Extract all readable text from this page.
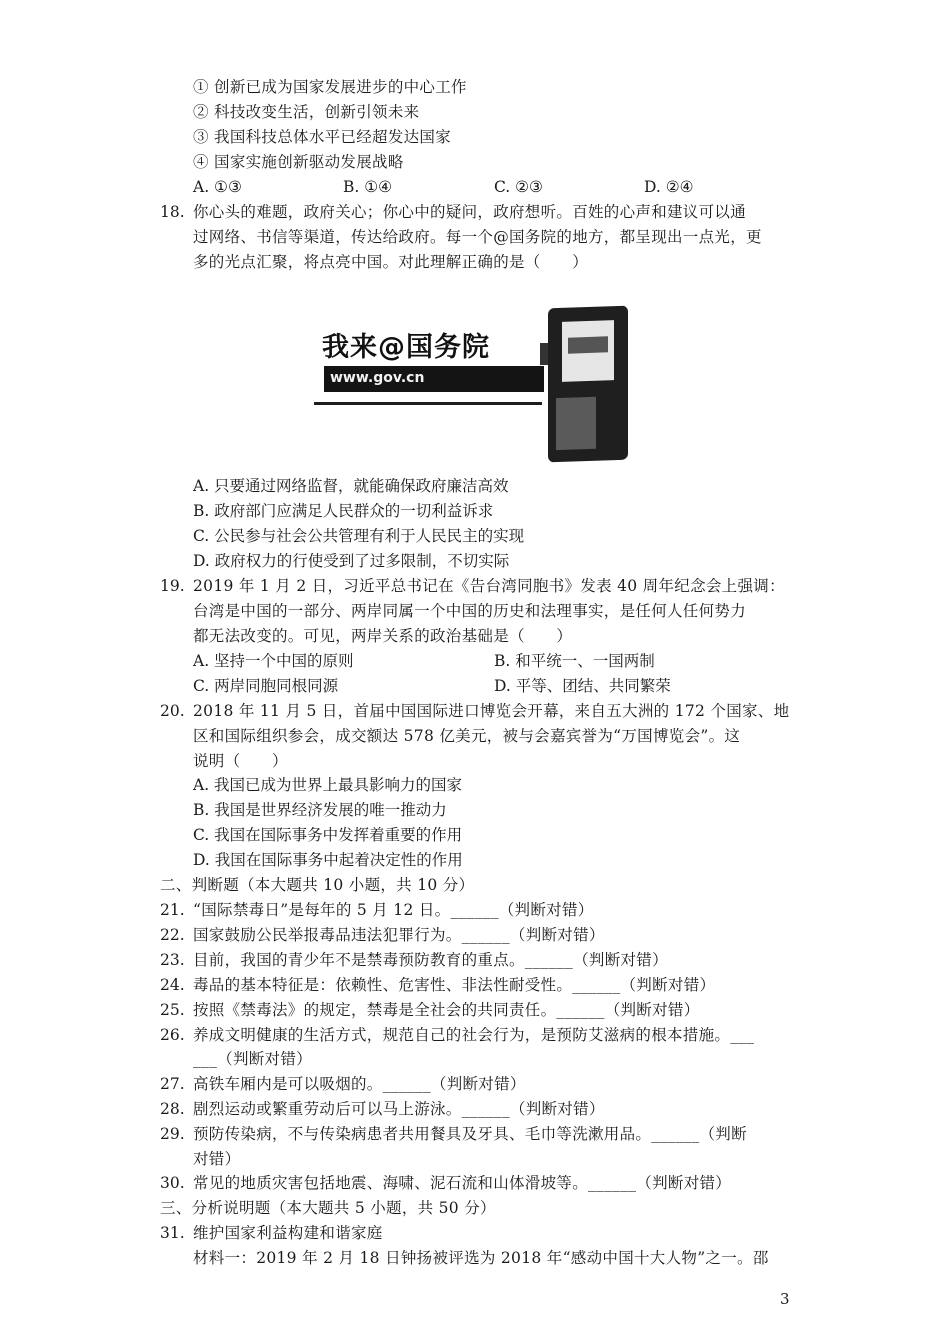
① 创新已成为国家发展进步的中心工作
② 科技改变生活，创新引领未来
③ 我国科技总体水平已经超发达国家
④ 国家实施创新驱动发展战略
A. ①③	B. ①④	C. ②③	D. ②④
18. 你心头的难题，政府关心；你心中的疑问，政府想听。百姓的心声和建议可以通
过网络、书信等渠道，传达给政府。每一个@国务院的地方，都呈现出一点光，更
多的光点汇聚，将点亮中国。对此理解正确的是（　　）
我来@国务院
www.gov.cn
A. 只要通过网络监督，就能确保政府廉洁高效
B. 政府部门应满足人民群众的一切利益诉求
C. 公民参与社会公共管理有利于人民民主的实现
D. 政府权力的行使受到了过多限制，不切实际
19. 2019 年 1 月 2 日，习近平总书记在《告台湾同胞书》发表 40 周年纪念会上强调：
台湾是中国的一部分、两岸同属一个中国的历史和法理事实，是任何人任何势力
都无法改变的。可见，两岸关系的政治基础是（　　）
A. 坚持一个中国的原则	B. 和平统一、一国两制
C. 两岸同胞同根同源	D. 平等、团结、共同繁荣
20. 2018 年 11 月 5 日，首届中国国际进口博览会开幕，来自五大洲的 172 个国家、地
区和国际组织参会，成交额达 578 亿美元，被与会嘉宾誉为“万国博览会”。这
说明（　　）
A. 我国已成为世界上最具影响力的国家
B. 我国是世界经济发展的唯一推动力
C. 我国在国际事务中发挥着重要的作用
D. 我国在国际事务中起着决定性的作用
二、判断题（本大题共 10 小题，共 10 分）
21. “国际禁毒日”是每年的 5 月 12 日。______（判断对错）
22. 国家鼓励公民举报毒品违法犯罪行为。______（判断对错）
23. 目前，我国的青少年不是禁毒预防教育的重点。______（判断对错）
24. 毒品的基本特征是：依赖性、危害性、非法性耐受性。______（判断对错）
25. 按照《禁毒法》的规定，禁毒是全社会的共同责任。______（判断对错）
26. 养成文明健康的生活方式，规范自己的社会行为，是预防艾滋病的根本措施。___
___（判断对错）
27. 高铁车厢内是可以吸烟的。______（判断对错）
28. 剧烈运动或繁重劳动后可以马上游泳。______（判断对错）
29. 预防传染病，不与传染病患者共用餐具及牙具、毛巾等洗漱用品。______（判断
对错）
30. 常见的地质灾害包括地震、海啸、泥石流和山体滑坡等。______（判断对错）
三、分析说明题（本大题共 5 小题，共 50 分）
31. 维护国家利益构建和谐家庭
材料一：2019 年 2 月 18 日钟扬被评选为 2018 年“感动中国十大人物”之一。邵
3
